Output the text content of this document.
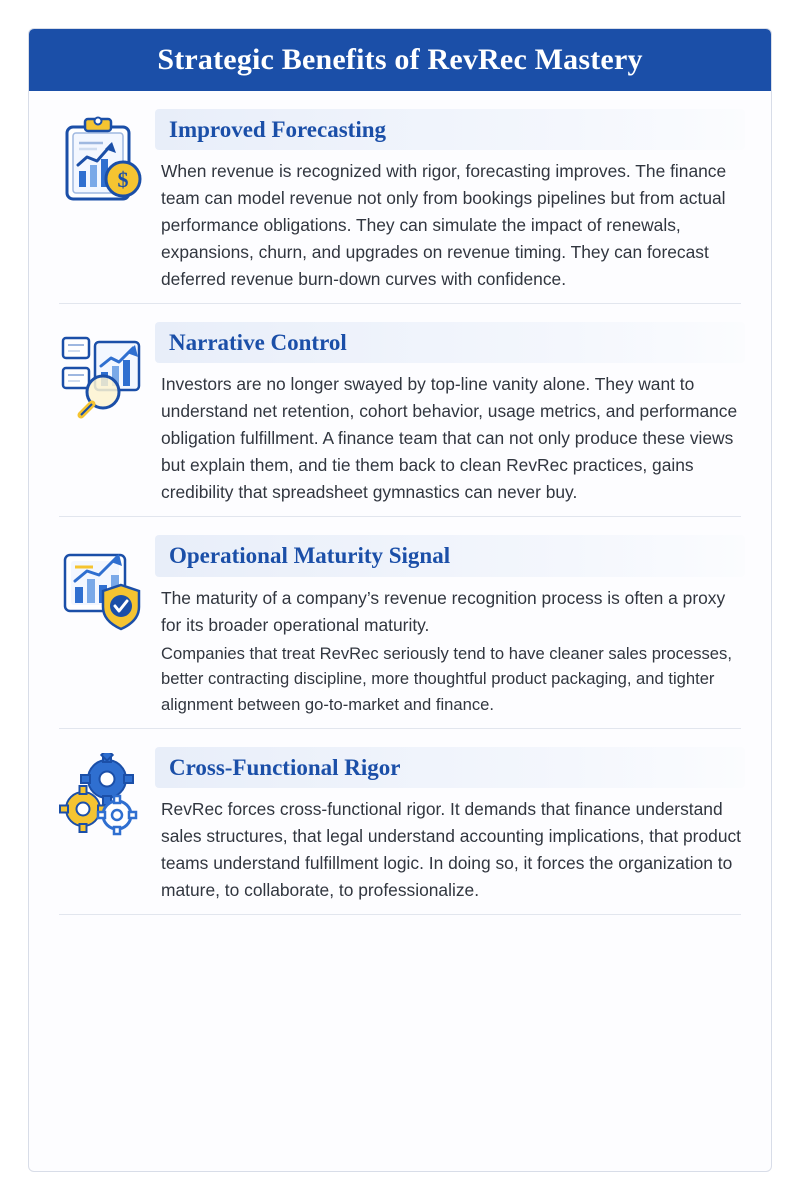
Strategic Benefits of RevRec Mastery
$
Improved Forecasting

When revenue is recognized with rigor, forecasting improves. The finance team can model revenue not only from bookings pipelines but from actual performance obligations. They can simulate the impact of renewals, expansions, churn, and upgrades on revenue timing. They can forecast deferred revenue burn-down curves with confidence.

Narrative Control

Investors are no longer swayed by top-line vanity alone. They want to understand net retention, cohort behavior, usage metrics, and performance obligation fulfillment. A finance team that can not only produce these views but explain them, and tie them back to clean RevRec practices, gains credibility that spreadsheet gymnastics can never buy.

Operational Maturity Signal

The maturity of a company’s revenue recognition process is often a proxy for its broader operational maturity.

Companies that treat RevRec seriously tend to have cleaner sales processes, better contracting discipline, more thoughtful product packaging, and tighter alignment between go-to-market and finance.

Cross-Functional Rigor

RevRec forces cross-functional rigor. It demands that finance understand sales structures, that legal understand accounting implications, that product teams understand fulfillment logic. In doing so, it forces the organization to mature, to collaborate, to professionalize.
